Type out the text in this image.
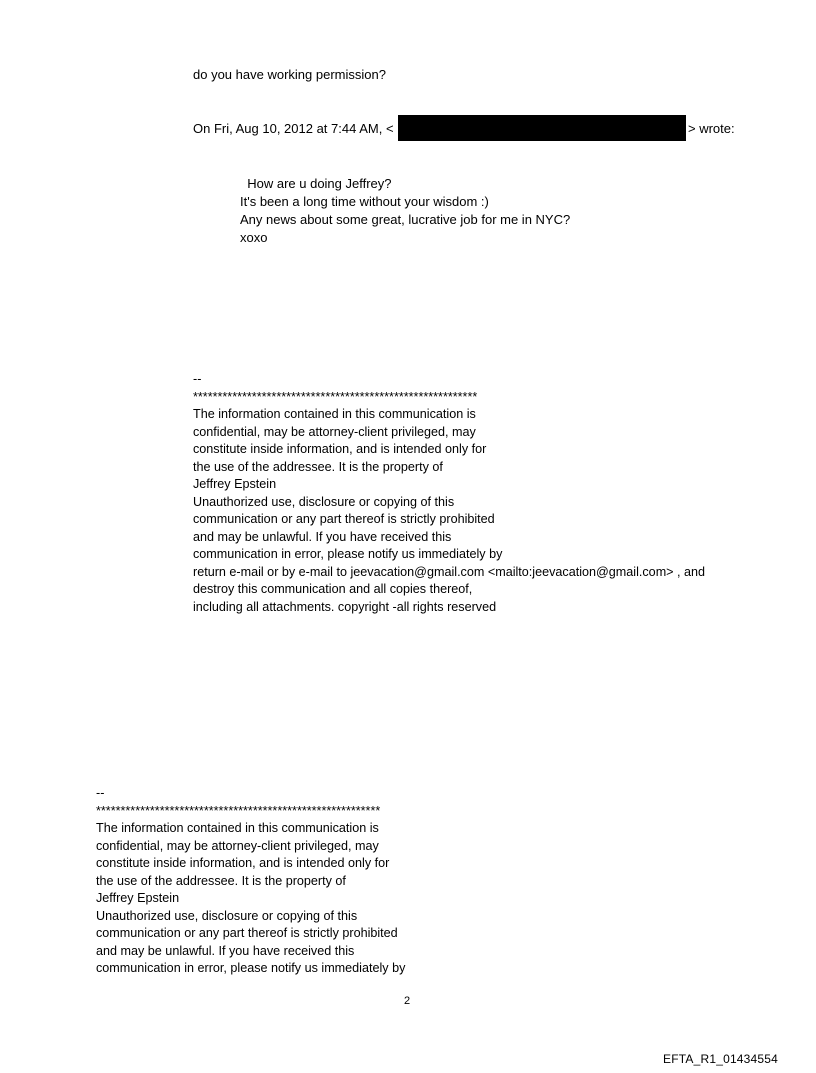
do you have working permission?
On Fri, Aug 10, 2012 at 7:44 AM, <	> wrote:
How are u doing Jeffrey?
It's been a long time without your wisdom :)
Any news about some great, lucrative job for me in NYC?
xoxo
--
**********************************************************
The information contained in this communication is
confidential, may be attorney-client privileged, may
constitute inside information, and is intended only for
the use of the addressee. It is the property of
Jeffrey Epstein
Unauthorized use, disclosure or copying of this
communication or any part thereof is strictly prohibited
and may be unlawful. If you have received this
communication in error, please notify us immediately by
return e-mail or by e-mail to jeevacation@gmail.com <mailto:jeevacation@gmail.com> , and
destroy this communication and all copies thereof,
including all attachments. copyright -all rights reserved
--
**********************************************************
The information contained in this communication is
confidential, may be attorney-client privileged, may
constitute inside information, and is intended only for
the use of the addressee. It is the property of
Jeffrey Epstein
Unauthorized use, disclosure or copying of this
communication or any part thereof is strictly prohibited
and may be unlawful. If you have received this
communication in error, please notify us immediately by
2
EFTA_R1_01434554
